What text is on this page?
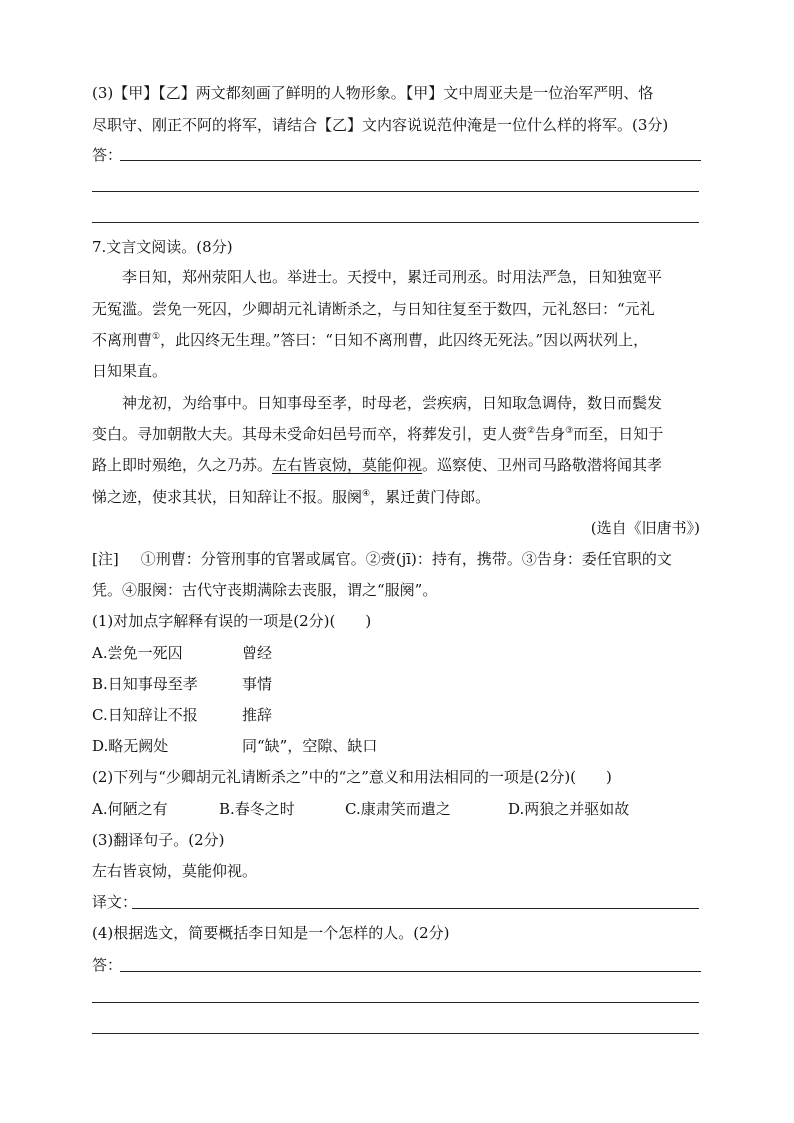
(3)【甲】【乙】两文都刻画了鲜明的人物形象。【甲】文中周亚夫是一位治军严明、恪
尽职守、刚正不阿的将军，请结合【乙】文内容说说范仲淹是一位什么样的将军。(3分)
答：
7.文言文阅读。(8分)
李日知，郑州荥阳人也。举进士。天授中，累迁司刑丞。时用法严急，日知独宽平
无冤滥。尝免一死囚，少卿胡元礼请断杀之，与日知往复至于数四，元礼怒曰：“元礼
不离刑曹①，此囚终无生理。”答曰：“日知不离刑曹，此囚终无死法。”因以两状列上，
日知果直。
神龙初，为给事中。日知事母至孝，时母老，尝疾病，日知取急调侍，数日而鬓发
变白。寻加朝散大夫。其母未受命妇邑号而卒，将葬发引，吏人赍②告身③而至，日知于
路上即时殒绝，久之乃苏。左右皆哀恸，莫能仰视。巡察使、卫州司马路敬潜将闻其孝
悌之迹，使求其状，日知辞让不报。服阕④，累迁黄门侍郎。
(选自《旧唐书》)
[注] ①刑曹：分管刑事的官署或属官。②赍(jī)：持有，携带。③告身：委任官职的文
凭。④服阕：古代守丧期满除去丧服，谓之“服阕”。
(1)对加点字解释有误的一项是(2分)(　　)
A.尝免一死囚	曾经
B.日知事母至孝	事情
C.日知辞让不报	推辞
D.略无阙处	同“缺”，空隙、缺口
(2)下列与“少卿胡元礼请断杀之”中的“之”意义和用法相同的一项是(2分)(　　)
A.何陋之有	B.春冬之时	C.康肃笑而遣之	D.两狼之并驱如故
(3)翻译句子。(2分)
左右皆哀恸，莫能仰视。
译文：
(4)根据选文，简要概括李日知是一个怎样的人。(2分)
答：
